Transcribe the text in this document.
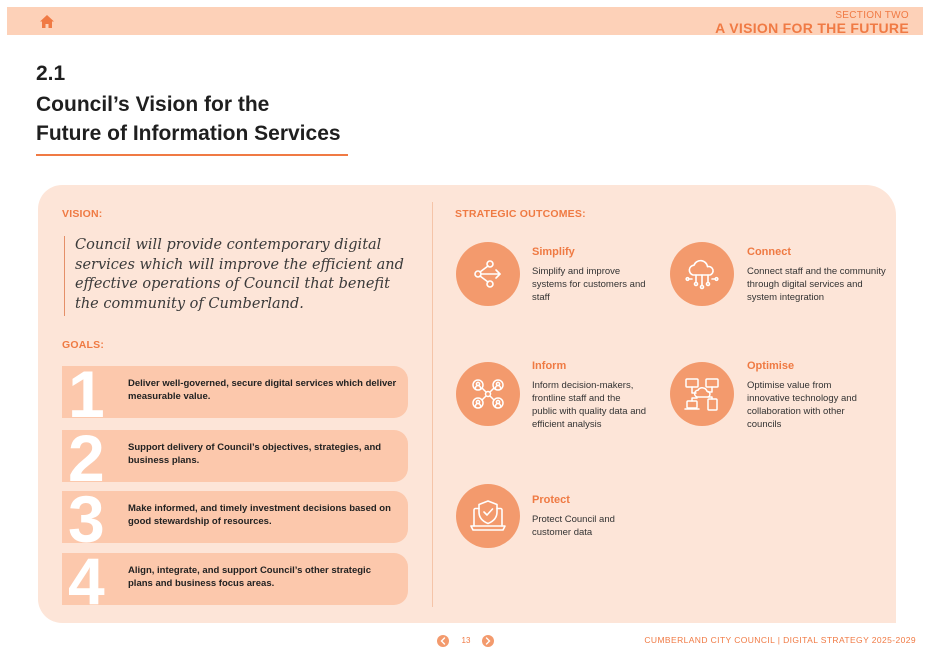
SECTION TWO
A VISION FOR THE FUTURE
2.1
Council’s Vision for the
Future of Information Services
VISION:

Council will provide contemporary digital services which will improve the efficient and effective operations of Council that benefit the community of Cumberland.

GOALS:
1 Deliver well-governed, secure digital services which deliver measurable value.
2 Support delivery of Council’s objectives, strategies, and business plans.
3 Make informed, and timely investment decisions based on good stewardship of resources.
4 Align, integrate, and support Council’s other strategic plans and business focus areas.
STRATEGIC OUTCOMES:
Simplify
Simplify and improve systems for customers and staff
Connect
Connect staff and the community through digital services and system integration
Inform
Inform decision-makers, frontline staff and the public with quality data and efficient analysis
Optimise
Optimise value from innovative technology and collaboration with other councils
Protect
Protect Council and customer data
13	CUMBERLAND CITY COUNCIL | DIGITAL STRATEGY 2025-2029
